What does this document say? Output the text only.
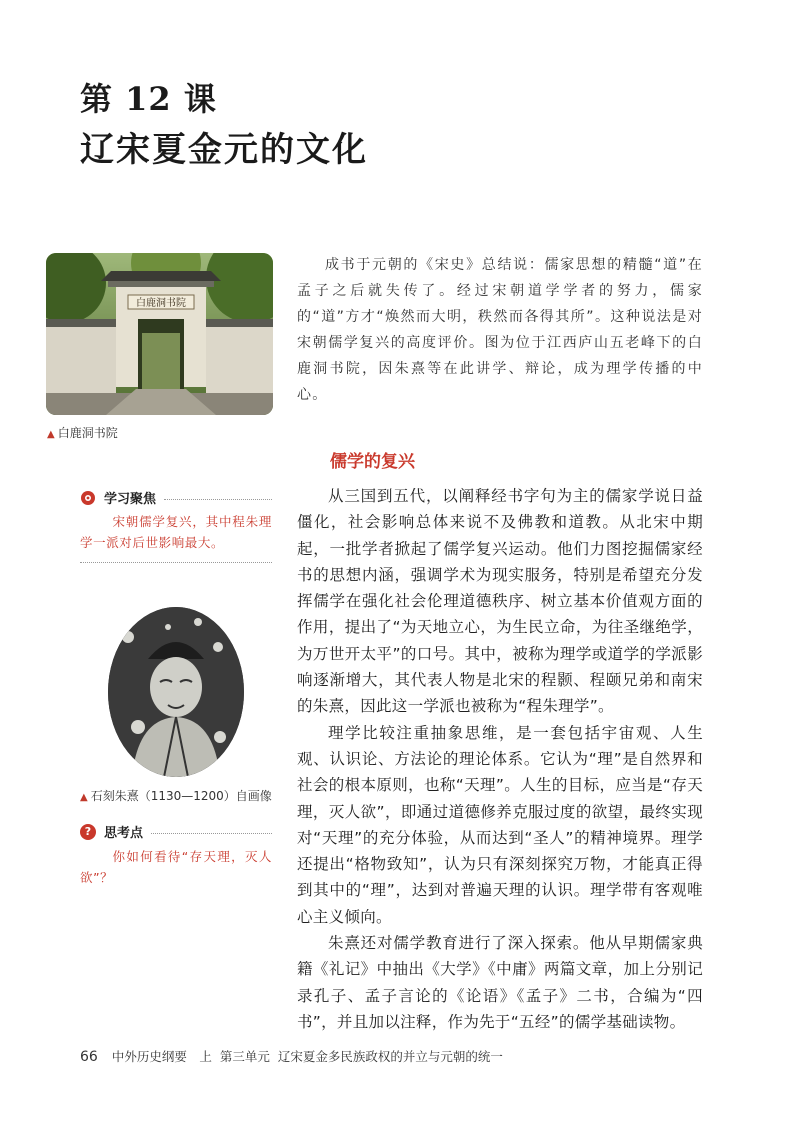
第 12 课
辽宋夏金元的文化
白鹿洞书院
▲ 白鹿洞书院
成书于元朝的《宋史》总结说：儒家思想的精髓“道”在孟子之后就失传了。经过宋朝道学学者的努力，儒家的“道”方才“焕然而大明，秩然而各得其所”。这种说法是对宋朝儒学复兴的高度评价。图为位于江西庐山五老峰下的白鹿洞书院，因朱熹等在此讲学、辩论，成为理学传播的中心。
儒学的复兴
学习聚焦
宋朝儒学复兴，其中程朱理学一派对后世影响最大。
▲ 石刻朱熹（1130—1200）自画像
? 思考点
你如何看待“存天理，灭人欲”？

从三国到五代，以阐释经书字句为主的儒家学说日益僵化，社会影响总体来说不及佛教和道教。从北宋中期起，一批学者掀起了儒学复兴运动。他们力图挖掘儒家经书的思想内涵，强调学术为现实服务，特别是希望充分发挥儒学在强化社会伦理道德秩序、树立基本价值观方面的作用，提出了“为天地立心，为生民立命，为往圣继绝学，为万世开太平”的口号。其中，被称为理学或道学的学派影响逐渐增大，其代表人物是北宋的程颢、程颐兄弟和南宋的朱熹，因此这一学派也被称为“程朱理学”。

理学比较注重抽象思维，是一套包括宇宙观、人生观、认识论、方法论的理论体系。它认为“理”是自然界和社会的根本原则，也称“天理”。人生的目标，应当是“存天理，灭人欲”，即通过道德修养克服过度的欲望，最终实现对“天理”的充分体验，从而达到“圣人”的精神境界。理学还提出“格物致知”，认为只有深刻探究万物，才能真正得到其中的“理”，达到对普遍天理的认识。理学带有客观唯心主义倾向。

朱熹还对儒学教育进行了深入探索。他从早期儒家典籍《礼记》中抽出《大学》《中庸》两篇文章，加上分别记录孔子、孟子言论的《论语》《孟子》二书，合编为“四书”，并且加以注释，作为先于“五经”的儒学基础读物。

66 中外历史纲要　上 第三单元 辽宋夏金多民族政权的并立与元朝的统一
